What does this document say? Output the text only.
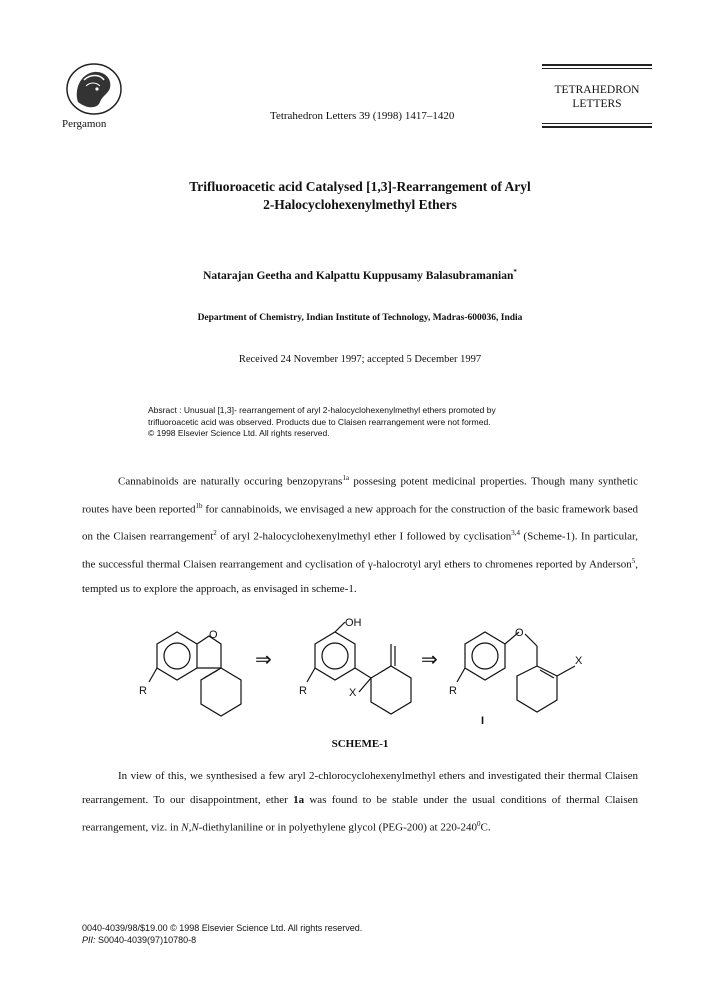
Pergamon
Tetrahedron Letters 39 (1998) 1417–1420
TETRAHEDRON
LETTERS
Trifluoroacetic acid Catalysed [1,3]-Rearrangement of Aryl
2-Halocyclohexenylmethyl Ethers
Natarajan Geetha and Kalpattu Kuppusamy Balasubramanian*
Department of Chemistry, Indian Institute of Technology, Madras-600036, India
Received 24 November 1997; accepted 5 December 1997
Absract : Unusual [1,3]- rearrangement of aryl 2-halocyclohexenylmethyl ethers promoted by
trifluoroacetic acid was observed. Products due to Claisen rearrangement were not formed.
© 1998 Elsevier Science Ltd. All rights reserved.
Cannabinoids are naturally occuring benzopyrans$^{1a}$ possesing potent medicinal properties. Though many synthetic routes have been reported$^{1b}$ for cannabinoids, we envisaged a new approach for the construction of the basic framework based on the Claisen rearrangement$^2$ of aryl 2-halocyclohexenylmethyl ether I followed by cyclisation$^{3,4}$ (Scheme-1). In particular, the successful thermal Claisen rearrangement and cyclisation of γ-halocrotyl aryl ethers to chromenes reported by Anderson$^5$, tempted us to explore the approach, as envisaged in scheme-1.
O
R
⇒
OH
R	X
⇒
O
R
X
I
SCHEME-1
In view of this, we synthesised a few aryl 2-chlorocyclohexenylmethyl ethers and investigated their thermal Claisen rearrangement. To our disappointment, ether 1a was found to be stable under the usual conditions of thermal Claisen rearrangement, viz. in N,N-diethylaniline or in polyethylene glycol (PEG-200) at $220-240^0C$.
0040-4039/98/$19.00 © 1998 Elsevier Science Ltd. All rights reserved.
PII: S0040-4039(97)10780-8
